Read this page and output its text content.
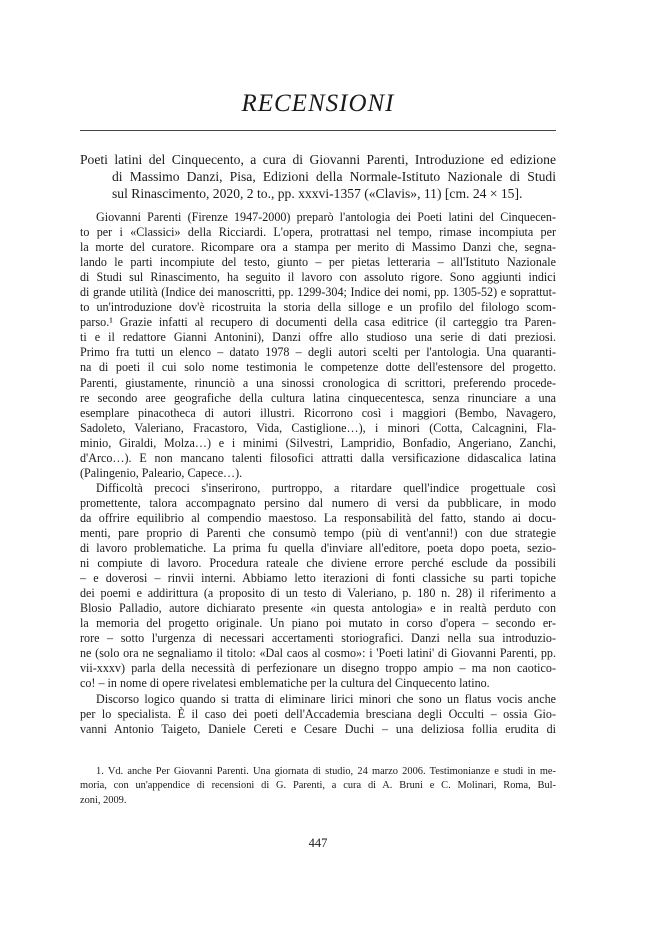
RECENSIONI
Poeti latini del Cinquecento, a cura di Giovanni Parenti, Introduzione ed edizione
di Massimo Danzi, Pisa, Edizioni della Normale-Istituto Nazionale di Studi
sul Rinascimento, 2020, 2 to., pp. xxxvi-1357 («Clavis», 11) [cm. 24 × 15].
Giovanni Parenti (Firenze 1947-2000) preparò l'antologia dei Poeti latini del Cinquecen-
to per i «Classici» della Ricciardi. L'opera, protrattasi nel tempo, rimase incompiuta per
la morte del curatore. Ricompare ora a stampa per merito di Massimo Danzi che, segna-
lando le parti incompiute del testo, giunto – per pietas letteraria – all'Istituto Nazionale
di Studi sul Rinascimento, ha seguito il lavoro con assoluto rigore. Sono aggiunti indici
di grande utilità (Indice dei manoscritti, pp. 1299-304; Indice dei nomi, pp. 1305-52) e soprattut-
to un'introduzione dov'è ricostruita la storia della silloge e un profilo del filologo scom-
parso.¹ Grazie infatti al recupero di documenti della casa editrice (il carteggio tra Paren-
ti e il redattore Gianni Antonini), Danzi offre allo studioso una serie di dati preziosi.
Primo fra tutti un elenco – datato 1978 – degli autori scelti per l'antologia. Una quaranti-
na di poeti il cui solo nome testimonia le competenze dotte dell'estensore del progetto.
Parenti, giustamente, rinunciò a una sinossi cronologica di scrittori, preferendo procede-
re secondo aree geografiche della cultura latina cinquecentesca, senza rinunciare a una
esemplare pinacotheca di autori illustri. Ricorrono così i maggiori (Bembo, Navagero,
Sadoleto, Valeriano, Fracastoro, Vida, Castiglione…), i minori (Cotta, Calcagnini, Fla-
minio, Giraldi, Molza…) e i minimi (Silvestri, Lampridio, Bonfadio, Angeriano, Zanchi,
d'Arco…). E non mancano talenti filosofici attratti dalla versificazione didascalica latina
(Palingenio, Paleario, Capece…).
Difficoltà precoci s'inserirono, purtroppo, a ritardare quell'indice progettuale così
promettente, talora accompagnato persino dal numero di versi da pubblicare, in modo
da offrire equilibrio al compendio maestoso. La responsabilità del fatto, stando ai docu-
menti, pare proprio di Parenti che consumò tempo (più di vent'anni!) con due strategie
di lavoro problematiche. La prima fu quella d'inviare all'editore, poeta dopo poeta, sezio-
ni compiute di lavoro. Procedura rateale che diviene errore perché esclude da possibili
– e doverosi – rinvii interni. Abbiamo letto iterazioni di fonti classiche su parti topiche
dei poemi e addirittura (a proposito di un testo di Valeriano, p. 180 n. 28) il riferimento a
Blosio Palladio, autore dichiarato presente «in questa antologia» e in realtà perduto con
la memoria del progetto originale. Un piano poi mutato in corso d'opera – secondo er-
rore – sotto l'urgenza di necessari accertamenti storiografici. Danzi nella sua introduzio-
ne (solo ora ne segnaliamo il titolo: «Dal caos al cosmo»: i 'Poeti latini' di Giovanni Parenti, pp.
vii-xxxv) parla della necessità di perfezionare un disegno troppo ampio – ma non caotico-
co! – in nome di opere rivelatesi emblematiche per la cultura del Cinquecento latino.
Discorso logico quando si tratta di eliminare lirici minori che sono un flatus vocis anche
per lo specialista. È il caso dei poeti dell'Accademia bresciana degli Occulti – ossia Gio-
vanni Antonio Taigeto, Daniele Cereti e Cesare Duchi – una deliziosa follia erudita di
1. Vd. anche Per Giovanni Parenti. Una giornata di studio, 24 marzo 2006. Testimonianze e studi in me-
moria, con un'appendice di recensioni di G. Parenti, a cura di A. Bruni e C. Molinari, Roma, Bul-
zoni, 2009.
447
